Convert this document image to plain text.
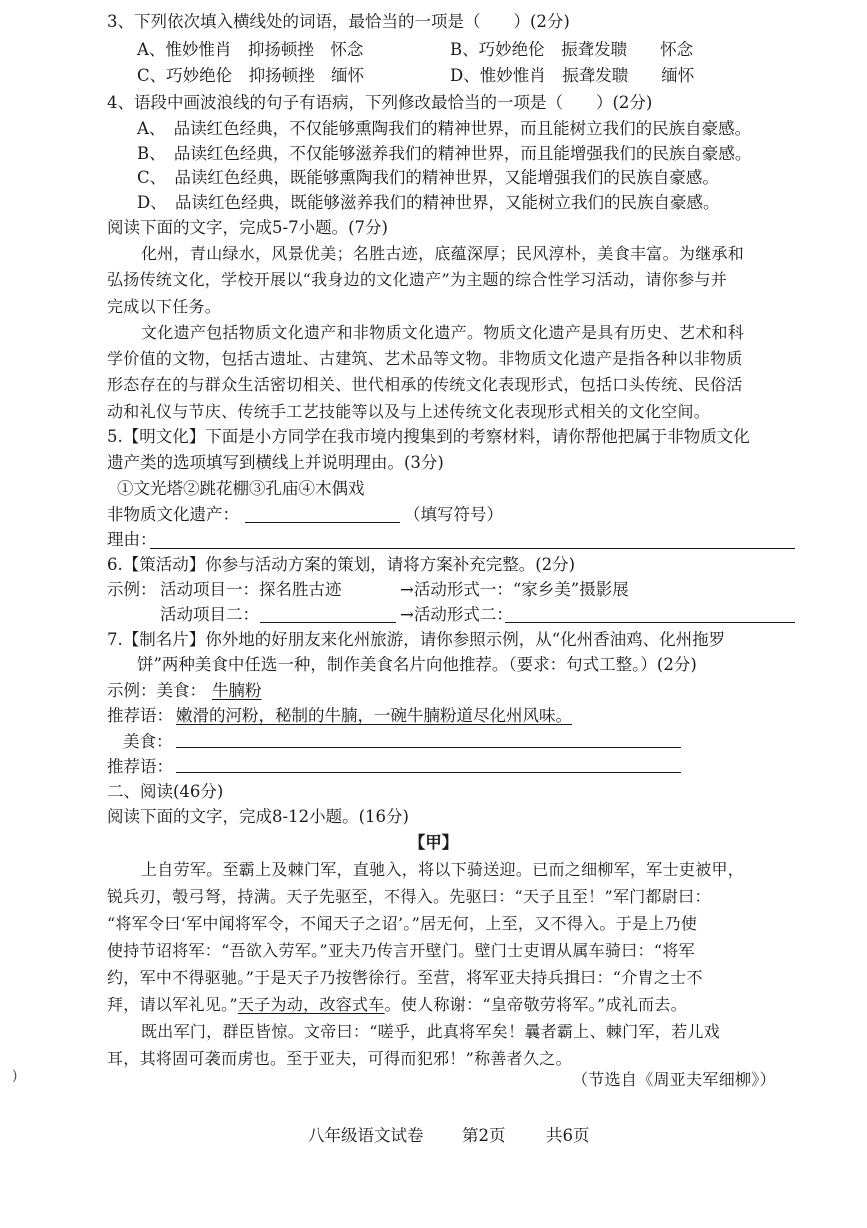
3、下列依次填入横线处的词语，最恰当的一项是（　　）(2分)
A、惟妙惟肖　抑扬顿挫　怀念	B、巧妙绝伦　振聋发聩　　怀念
C、巧妙绝伦　抑扬顿挫　缅怀	D、惟妙惟肖　振聋发聩　　缅怀
4、语段中画波浪线的句子有语病，下列修改最恰当的一项是（　　）(2分)
A、　品读红色经典，不仅能够熏陶我们的精神世界，而且能树立我们的民族自豪感。
B、　品读红色经典，不仅能够滋养我们的精神世界，而且能增强我们的民族自豪感。
C、　品读红色经典，既能够熏陶我们的精神世界，又能增强我们的民族自豪感。
D、　品读红色经典，既能够滋养我们的精神世界，又能树立我们的民族自豪感。
阅读下面的文字，完成5-7小题。(7分)
化州，青山绿水，风景优美；名胜古迹，底蕴深厚；民风淳朴，美食丰富。为继承和
弘扬传统文化，学校开展以“我身边的文化遗产”为主题的综合性学习活动，请你参与并
完成以下任务。
文化遗产包括物质文化遗产和非物质文化遗产。物质文化遗产是具有历史、艺术和科
学价值的文物，包括古遗址、古建筑、艺术品等文物。非物质文化遗产是指各种以非物质
形态存在的与群众生活密切相关、世代相承的传统文化表现形式，包括口头传统、民俗活
动和礼仪与节庆、传统手工艺技能等以及与上述传统文化表现形式相关的文化空间。
5.【明文化】下面是小方同学在我市境内搜集到的考察材料，请你帮他把属于非物质文化
遗产类的选项填写到横线上并说明理由。(3分)
①文光塔②跳花棚③孔庙④木偶戏
非物质文化遗产：	（填写符号）
理由：
6.【策活动】你参与活动方案的策划，请将方案补充完整。(2分)
示例： 活动项目一：探名胜古迹	→活动形式一：“家乡美”摄影展
活动项目二：	→活动形式二：
7.【制名片】你外地的好朋友来化州旅游，请你参照示例，从“化州香油鸡、化州拖罗
饼”两种美食中任选一种，制作美食名片向他推荐。（要求：句式工整。）(2分)
示例：美食： 牛腩粉
推荐语： 嫩滑的河粉，秘制的牛腩，一碗牛腩粉道尽化州风味。
美食：
推荐语：
二、阅读(46分)
阅读下面的文字，完成8-12小题。(16分)
【甲】
上自劳军。至霸上及棘门军，直驰入，将以下骑送迎。已而之细柳军，军士吏被甲，
锐兵刃，彀弓弩，持满。天子先驱至，不得入。先驱曰：“天子且至！”军门都尉曰：
“将军令曰‘军中闻将军令，不闻天子之诏’。”居无何，上至，又不得入。于是上乃使
使持节诏将军：“吾欲入劳军。”亚夫乃传言开壁门。壁门士吏谓从属车骑曰：“将军
约，军中不得驱驰。”于是天子乃按辔徐行。至营，将军亚夫持兵揖曰：“介胄之士不
拜，请以军礼见。”天子为动，改容式车。使人称谢：“皇帝敬劳将军。”成礼而去。
既出军门，群臣皆惊。文帝曰：“嗟乎，此真将军矣！曩者霸上、棘门军，若儿戏
耳，其将固可袭而虏也。至于亚夫，可得而犯邪！”称善者久之。
（节选自《周亚夫军细柳》）
)
八年级语文试卷 第2页 共6页
